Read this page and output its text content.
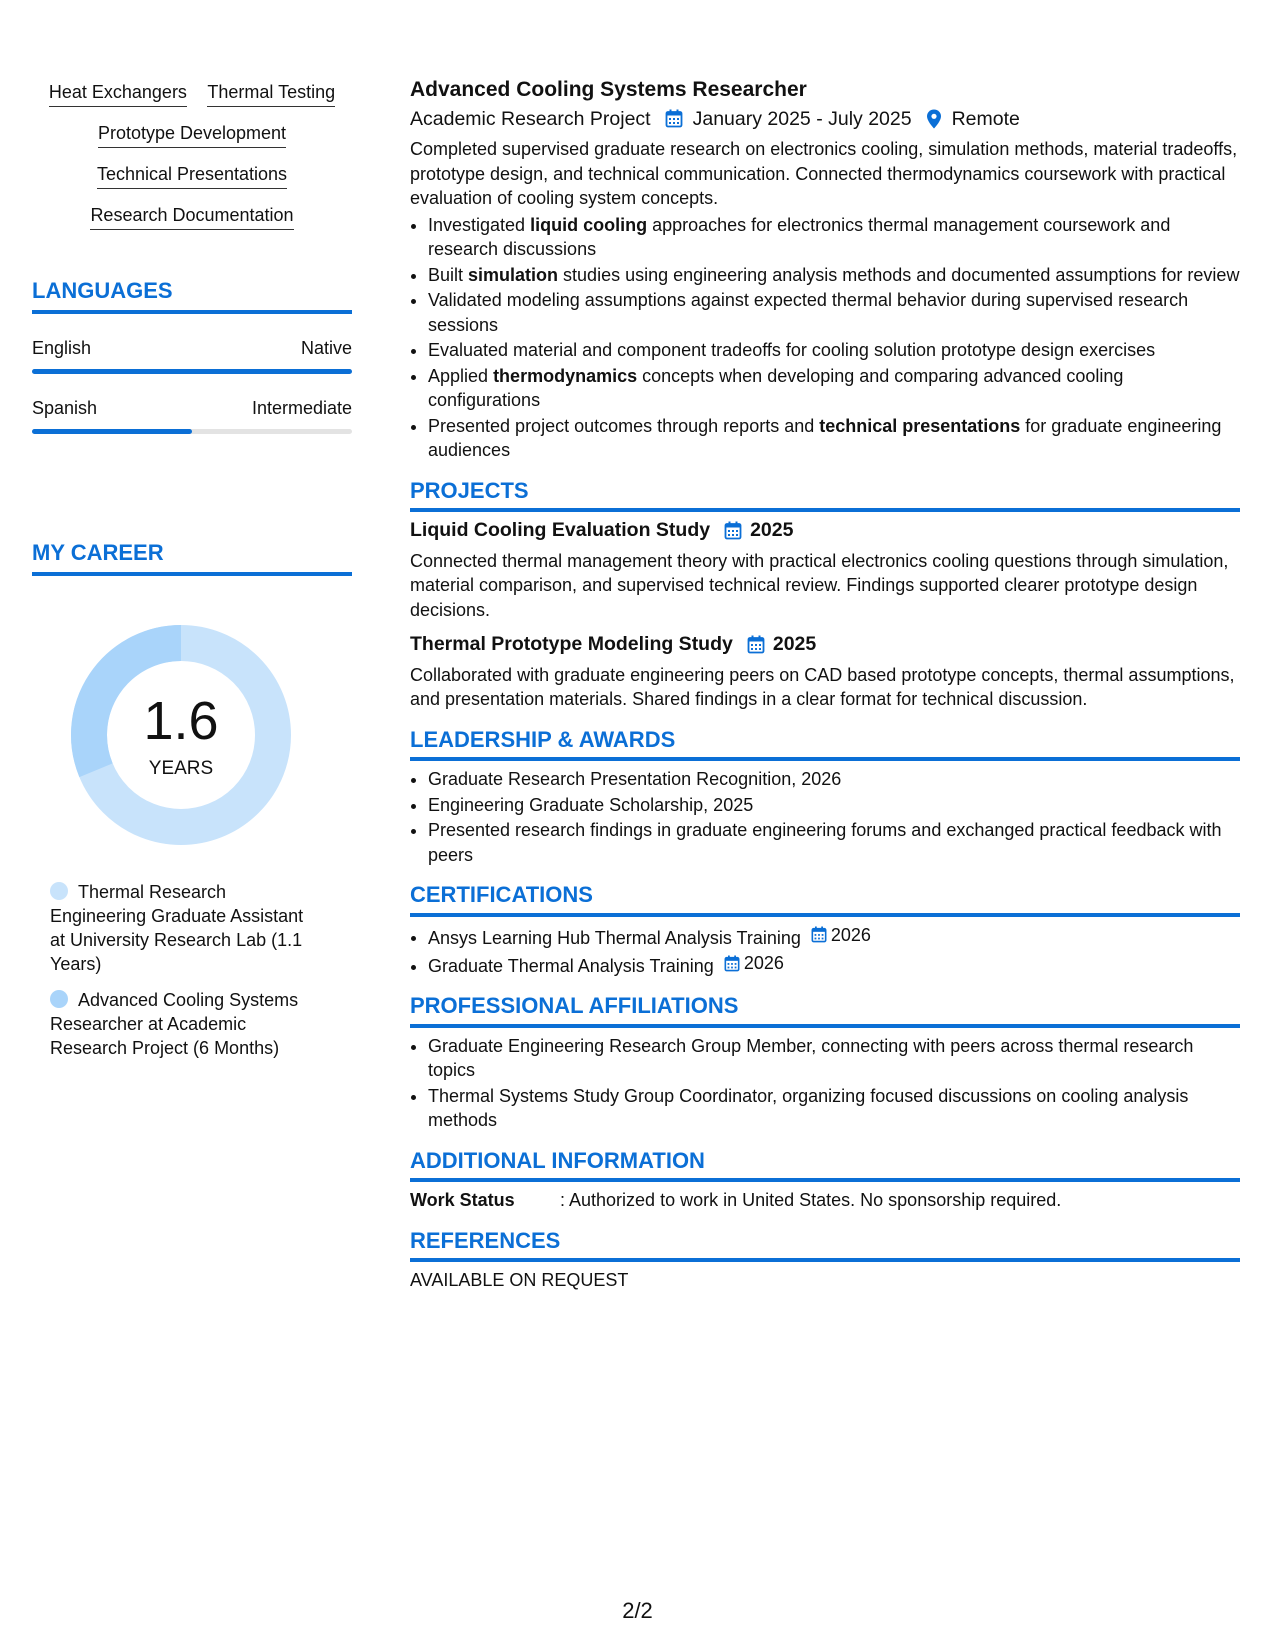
Heat Exchangers Thermal Testing
Prototype Development
Technical Presentations
Research Documentation
LANGUAGES
English	Native
Spanish	Intermediate
MY CAREER
1.6
YEARS
Thermal Research Engineering Graduate Assistant at University Research Lab (1.1 Years)
Advanced Cooling Systems Researcher at Academic Research Project (6 Months)
Advanced Cooling Systems Researcher
Academic Research Project January 2025 - July 2025 Remote

Completed supervised graduate research on electronics cooling, simulation methods, material tradeoffs, prototype design, and technical communication. Connected thermodynamics coursework with practical evaluation of cooling system concepts.

• Investigated liquid cooling approaches for electronics thermal management coursework and research discussions
• Built simulation studies using engineering analysis methods and documented assumptions for review
• Validated modeling assumptions against expected thermal behavior during supervised research sessions
• Evaluated material and component tradeoffs for cooling solution prototype design exercises
• Applied thermodynamics concepts when developing and comparing advanced cooling configurations
• Presented project outcomes through reports and technical presentations for graduate engineering audiences
PROJECTS
Liquid Cooling Evaluation Study 2025

Connected thermal management theory with practical electronics cooling questions through simulation, material comparison, and supervised technical review. Findings supported clearer prototype design decisions.

Thermal Prototype Modeling Study 2025

Collaborated with graduate engineering peers on CAD based prototype concepts, thermal assumptions, and presentation materials. Shared findings in a clear format for technical discussion.

LEADERSHIP & AWARDS
• Graduate Research Presentation Recognition, 2026
• Engineering Graduate Scholarship, 2025
• Presented research findings in graduate engineering forums and exchanged practical feedback with peers
CERTIFICATIONS
• Ansys Learning Hub Thermal Analysis Training 2026
• Graduate Thermal Analysis Training 2026
PROFESSIONAL AFFILIATIONS
• Graduate Engineering Research Group Member, connecting with peers across thermal research topics
• Thermal Systems Study Group Coordinator, organizing focused discussions on cooling analysis methods
ADDITIONAL INFORMATION
Work Status	: Authorized to work in United States. No sponsorship required.
REFERENCES
AVAILABLE ON REQUEST
2/2
